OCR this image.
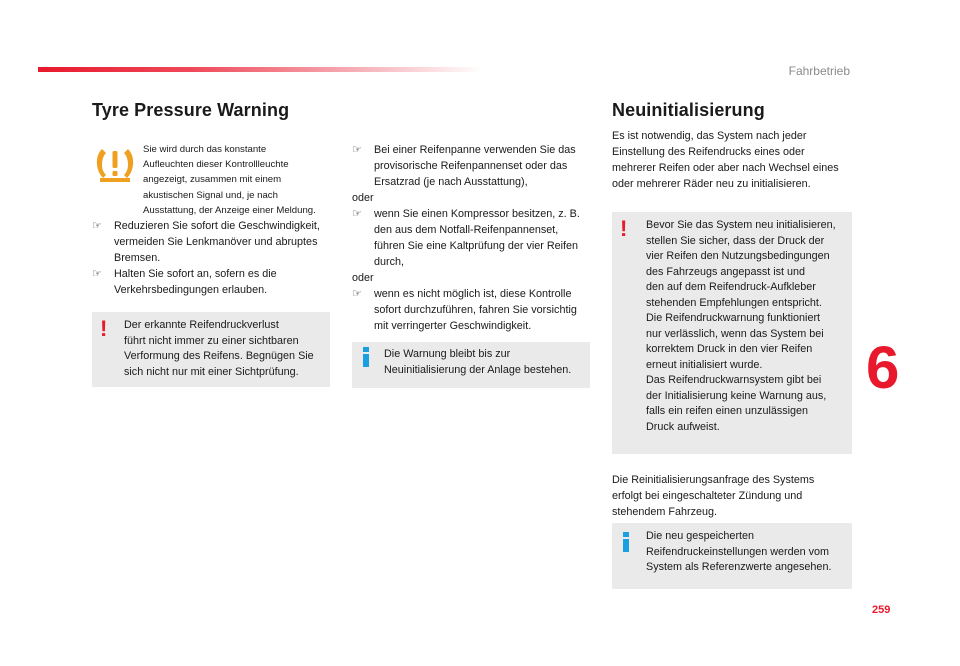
Fahrbetrieb
Tyre Pressure Warning
Sie wird durch das konstante
Aufleuchten dieser Kontrollleuchte
angezeigt, zusammen mit einem
akustischen Signal und, je nach
Ausstattung, der Anzeige einer Meldung.
☞	Reduzieren Sie sofort die Geschwindigkeit,
vermeiden Sie Lenkmanöver und abruptes
Bremsen.
☞	Halten Sie sofort an, sofern es die
Verkehrsbedingungen erlauben.
! Der erkannte Reifendruckverlust
führt nicht immer zu einer sichtbaren
Verformung des Reifens. Begnügen Sie
sich nicht nur mit einer Sichtprüfung.
☞	Bei einer Reifenpanne verwenden Sie das
provisorische Reifenpannenset oder das
Ersatzrad (je nach Ausstattung),
oder
☞	wenn Sie einen Kompressor besitzen, z. B.
den aus dem Notfall-Reifenpannenset,
führen Sie eine Kaltprüfung der vier Reifen
durch,
oder
☞	wenn es nicht möglich ist, diese Kontrolle
sofort durchzuführen, fahren Sie vorsichtig
mit verringerter Geschwindigkeit.
Die Warnung bleibt bis zur
Neuinitialisierung der Anlage bestehen.
Neuinitialisierung
Es ist notwendig, das System nach jeder
Einstellung des Reifendrucks eines oder
mehrerer Reifen oder aber nach Wechsel eines
oder mehrerer Räder neu zu initialisieren.
! Bevor Sie das System neu initialisieren,
stellen Sie sicher, dass der Druck der
vier Reifen den Nutzungsbedingungen
des Fahrzeugs angepasst ist und
den auf dem Reifendruck-Aufkleber
stehenden Empfehlungen entspricht.
Die Reifendruckwarnung funktioniert
nur verlässlich, wenn das System bei
korrektem Druck in den vier Reifen
erneut initialisiert wurde.
Das Reifendruckwarnsystem gibt bei
der Initialisierung keine Warnung aus,
falls ein reifen einen unzulässigen
Druck aufweist.
Die Reinitialisierungsanfrage des Systems
erfolgt bei eingeschalteter Zündung und
stehendem Fahrzeug.
Die neu gespeicherten
Reifendruckeinstellungen werden vom
System als Referenzwerte angesehen.
6
259
